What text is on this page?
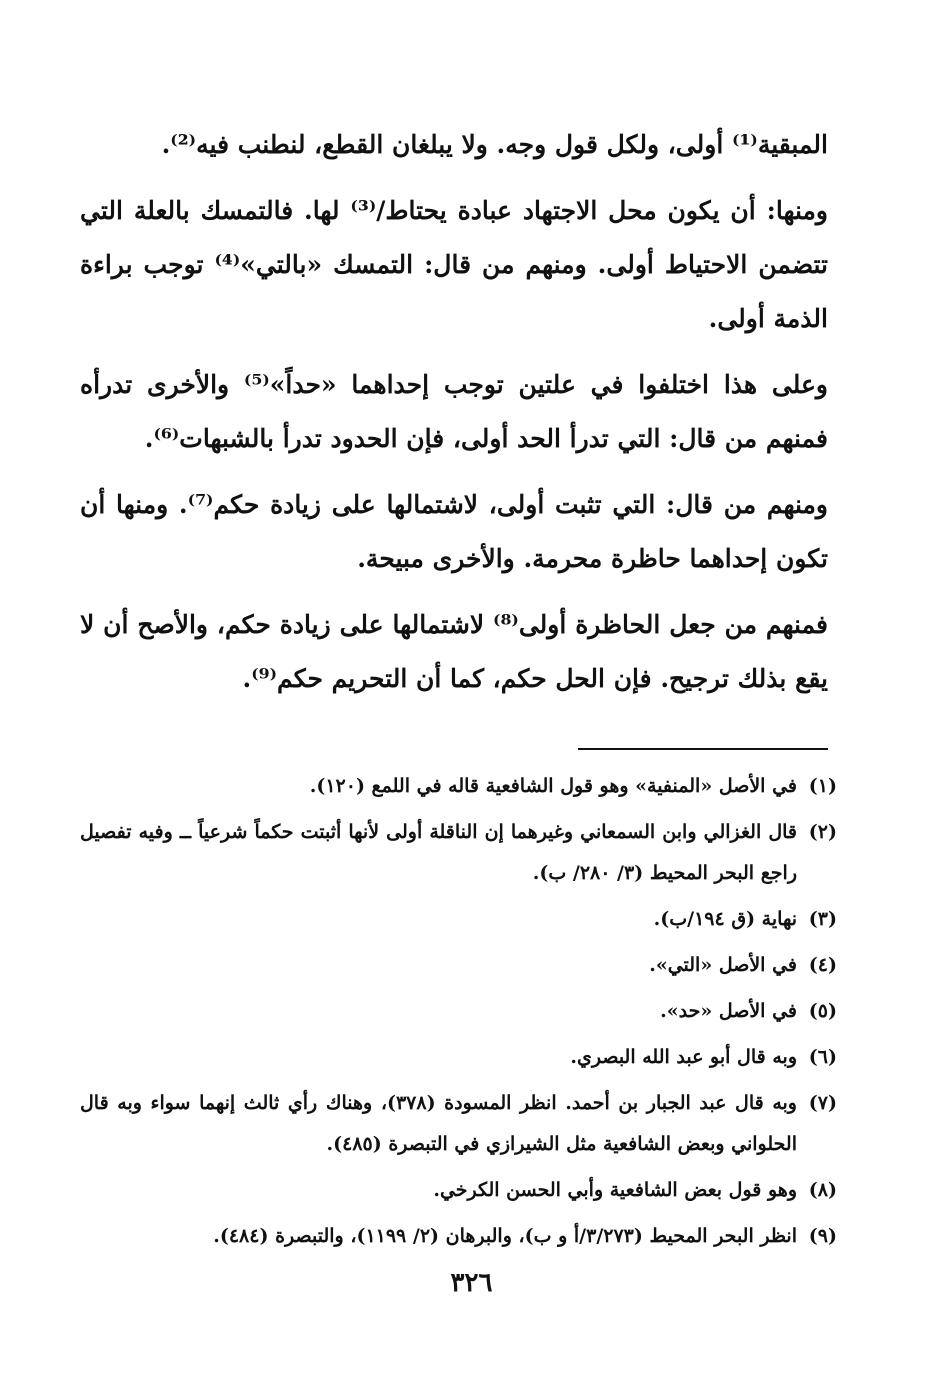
المبقية⁽¹⁾ أولى، ولكل قول وجه. ولا يبلغان القطع، لنطنب فيه⁽²⁾.

ومنها: أن يكون محل الاجتهاد عبادة يحتاط/⁽³⁾ لها. فالتمسك بالعلة التي تتضمن الاحتياط أولى. ومنهم من قال: التمسك «بالتي»⁽⁴⁾ توجب براءة الذمة أولى.

وعلى هذا اختلفوا في علتين توجب إحداهما «حداً»⁽⁵⁾ والأخرى تدرأه فمنهم من قال: التي تدرأ الحد أولى، فإن الحدود تدرأ بالشبهات⁽⁶⁾.

ومنهم من قال: التي تثبت أولى، لاشتمالها على زيادة حكم⁽⁷⁾. ومنها أن تكون إحداهما حاظرة محرمة. والأخرى مبيحة.

فمنهم من جعل الحاظرة أولى⁽⁸⁾ لاشتمالها على زيادة حكم، والأصح أن لا يقع بذلك ترجيح. فإن الحل حكم، كما أن التحريم حكم⁽⁹⁾.

(١)
في الأصل «المنفية» وهو قول الشافعية قاله في اللمع (١٢٠).
(٢)
قال الغزالي وابن السمعاني وغيرهما إن الناقلة أولى لأنها أثبتت حكماً شرعياً ــ وفيه تفصيل راجع البحر المحيط (٣/ ٢٨٠/ ب).
(٣)
نهاية (ق ١٩٤/ب).
(٤)
في الأصل «التي».
(٥)
في الأصل «حد».
(٦)
وبه قال أبو عبد الله البصري.
(٧)
وبه قال عبد الجبار بن أحمد. انظر المسودة (٣٧٨)، وهناك رأي ثالث إنهما سواء وبه قال الحلواني وبعض الشافعية مثل الشيرازي في التبصرة (٤٨٥).
(٨)
وهو قول بعض الشافعية وأبي الحسن الكرخي.
(٩)
انظر البحر المحيط (٣/٢٧٣/أ و ب)، والبرهان (٢/ ١١٩٩)، والتبصرة (٤٨٤).
٣٢٦
